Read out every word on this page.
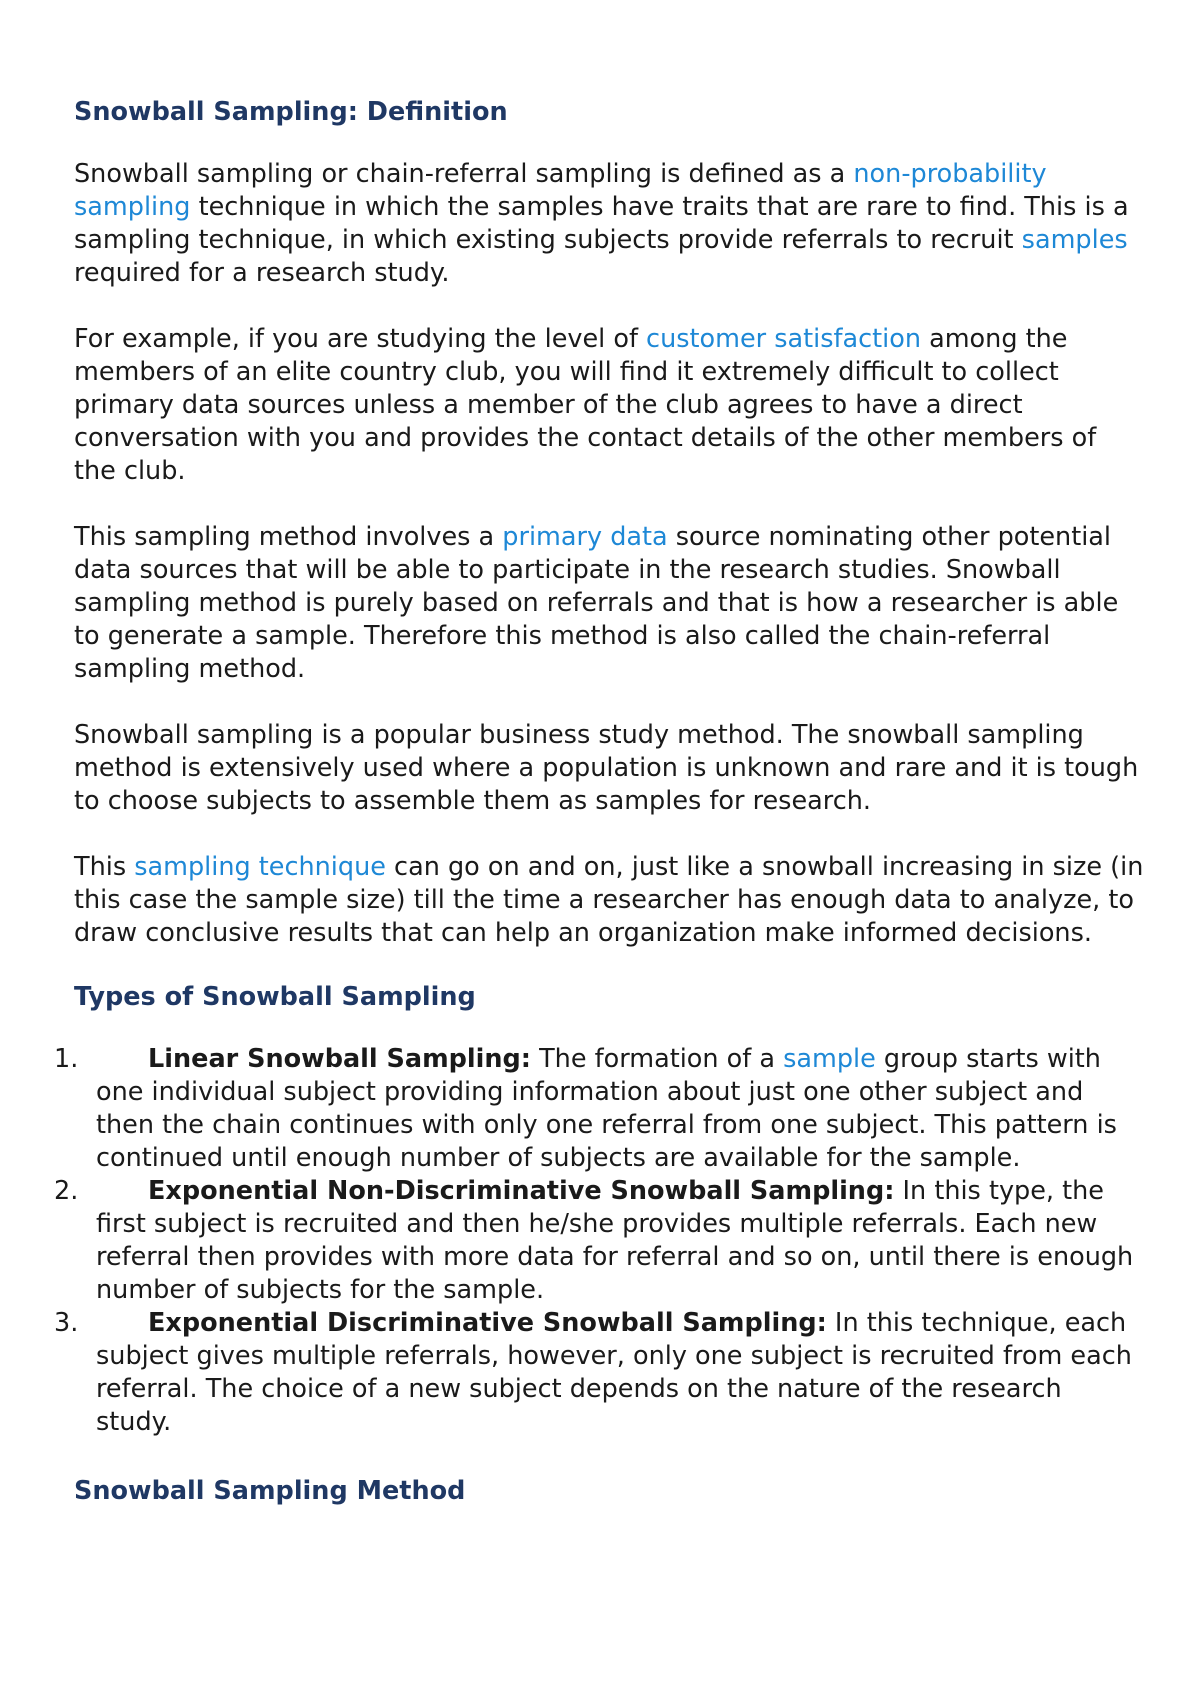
Snowball Sampling: Definition

Snowball sampling or chain-referral sampling is defined as a non-probability sampling technique in which the samples have traits that are rare to find. This is a sampling technique, in which existing subjects provide referrals to recruit samples required for a research study.

For example, if you are studying the level of customer satisfaction among the members of an elite country club, you will find it extremely difficult to collect primary data sources unless a member of the club agrees to have a direct conversation with you and provides the contact details of the other members of the club.

This sampling method involves a primary data source nominating other potential data sources that will be able to participate in the research studies. Snowball sampling method is purely based on referrals and that is how a researcher is able to generate a sample. Therefore this method is also called the chain-referral sampling method.

Snowball sampling is a popular business study method. The snowball sampling method is extensively used where a population is unknown and rare and it is tough to choose subjects to assemble them as samples for research.

This sampling technique can go on and on, just like a snowball increasing in size (in this case the sample size) till the time a researcher has enough data to analyze, to draw conclusive results that can help an organization make informed decisions.

Types of Snowball Sampling
1.	Linear Snowball Sampling: The formation of a sample group starts with one individual subject providing information about just one other subject and then the chain continues with only one referral from one subject. This pattern is continued until enough number of subjects are available for the sample.
2.	Exponential Non-Discriminative Snowball Sampling: In this type, the first subject is recruited and then he/she provides multiple referrals. Each new referral then provides with more data for referral and so on, until there is enough number of subjects for the sample.
3.	Exponential Discriminative Snowball Sampling: In this technique, each subject gives multiple referrals, however, only one subject is recruited from each referral. The choice of a new subject depends on the nature of the research study.
Snowball Sampling Method
